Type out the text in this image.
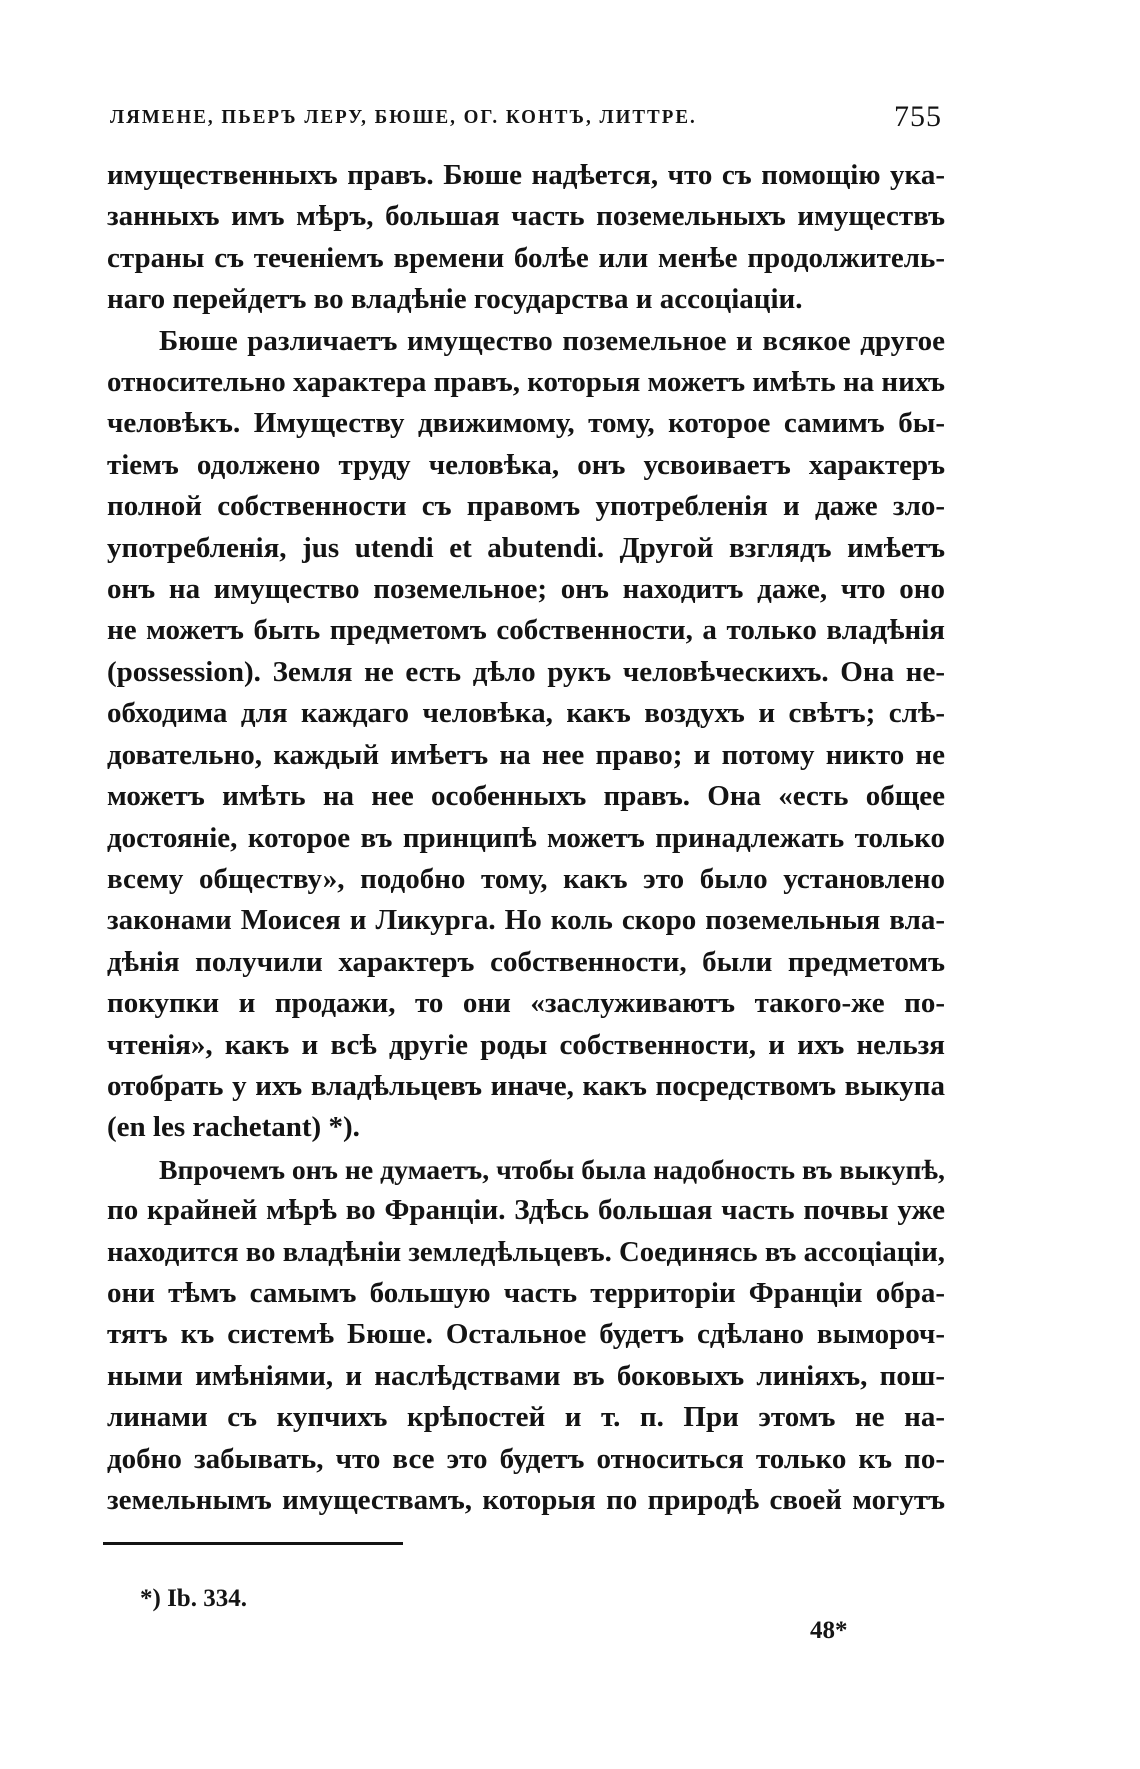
ЛЯМЕНЕ, ПЬЕРЪ ЛЕРУ, БЮШЕ, ОГ. КОНТЪ, ЛИТТРЕ.	755

имущественныхъ правъ. Бюше надѣется, что съ помощію ука-
занныхъ имъ мѣръ, большая часть поземельныхъ имуществъ
страны съ теченіемъ времени болѣе или менѣе продолжитель-
наго перейдетъ во владѣніе государства и ассоціаціи.

Бюше различаетъ имущество поземельное и всякое другое
относительно характера правъ, которыя можетъ имѣть на нихъ
человѣкъ. Имуществу движимому, тому, которое самимъ бы-
тіемъ одолжено труду человѣка, онъ усвоиваетъ характеръ
полной собственности съ правомъ употребленія и даже зло-
употребленія, jus utendi et abutendi. Другой взглядъ имѣетъ
онъ на имущество поземельное; онъ находитъ даже, что оно
не можетъ быть предметомъ собственности, а только владѣнія
(possession). Земля не есть дѣло рукъ человѣческихъ. Она не-
обходима для каждаго человѣка, какъ воздухъ и свѣтъ; слѣ-
довательно, каждый имѣетъ на нее право; и потому никто не
можетъ имѣть на нее особенныхъ правъ. Она «есть общее
достояніе, которое въ принципѣ можетъ принадлежать только
всему обществу», подобно тому, какъ это было установлено
законами Моисея и Ликурга. Но коль скоро поземельныя вла-
дѣнія получили характеръ собственности, были предметомъ
покупки и продажи, то они «заслуживаютъ такого-же по-
чтенія», какъ и всѣ другіе роды собственности, и ихъ нельзя
отобрать у ихъ владѣльцевъ иначе, какъ посредствомъ выкупа
(en les rachetant) *).

Впрочемъ онъ не думаетъ, чтобы была надобность въ выкупѣ,
по крайней мѣрѣ во Франціи. Здѣсь большая часть почвы уже
находится во владѣніи земледѣльцевъ. Соединясь въ ассоціаціи,
они тѣмъ самымъ большую часть территоріи Франціи обра-
тятъ къ системѣ Бюше. Остальное будетъ сдѣлано вымороч-
ными имѣніями, и наслѣдствами въ боковыхъ линіяхъ, пош-
линами съ купчихъ крѣпостей и т. п. При этомъ не на-
добно забывать, что все это будетъ относиться только къ по-
земельнымъ имуществамъ, которыя по природѣ своей могутъ

*) Ib. 334.
48*
